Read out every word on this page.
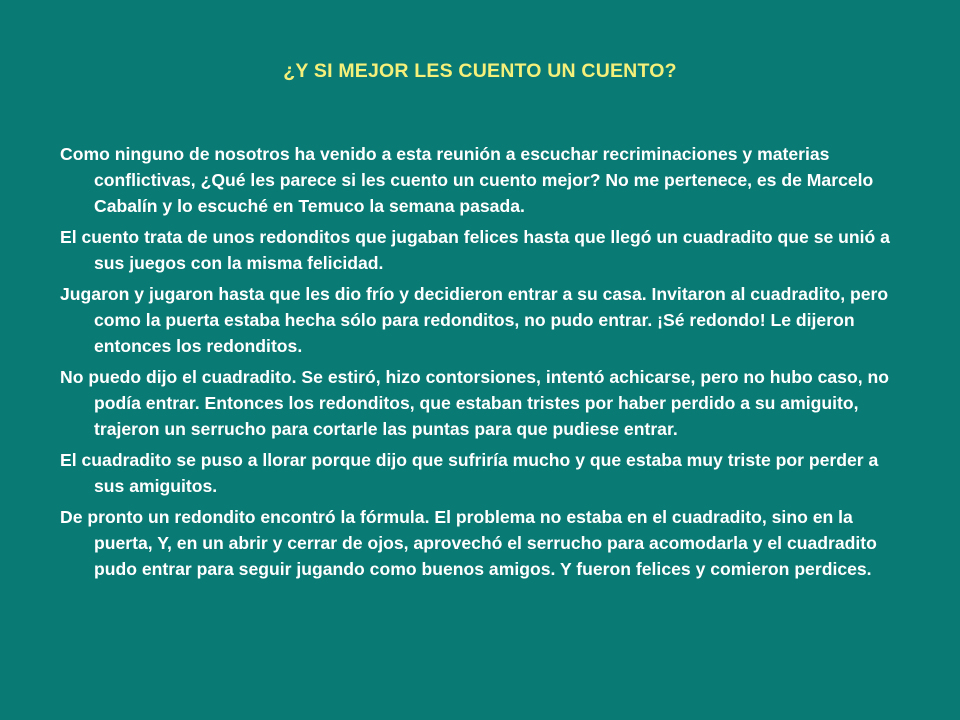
¿Y SI MEJOR LES CUENTO UN CUENTO?

Como ninguno de nosotros ha venido a esta reunión a escuchar recriminaciones y materias conflictivas, ¿Qué les parece si les cuento un cuento mejor? No me pertenece, es de Marcelo Cabalín y lo escuché en Temuco la semana pasada.

El cuento trata de unos redonditos que jugaban felices hasta que llegó un cuadradito que se unió a sus juegos con la misma felicidad.

Jugaron y jugaron hasta que les dio frío y decidieron entrar a su casa. Invitaron al cuadradito, pero como la puerta estaba hecha sólo para redonditos, no pudo entrar. ¡Sé redondo! Le dijeron entonces los redonditos.

No puedo dijo el cuadradito. Se estiró, hizo contorsiones, intentó achicarse, pero no hubo caso, no podía entrar. Entonces los redonditos, que estaban tristes por haber perdido a su amiguito, trajeron un serrucho para cortarle las puntas para que pudiese entrar.

El cuadradito se puso a llorar porque dijo que sufriría mucho y que estaba muy triste por perder a sus amiguitos.

De pronto un redondito encontró la fórmula. El problema no estaba en el cuadradito, sino en la puerta, Y, en un abrir y cerrar de ojos, aprovechó el serrucho para acomodarla y el cuadradito pudo entrar para seguir jugando como buenos amigos. Y fueron felices y comieron perdices.
